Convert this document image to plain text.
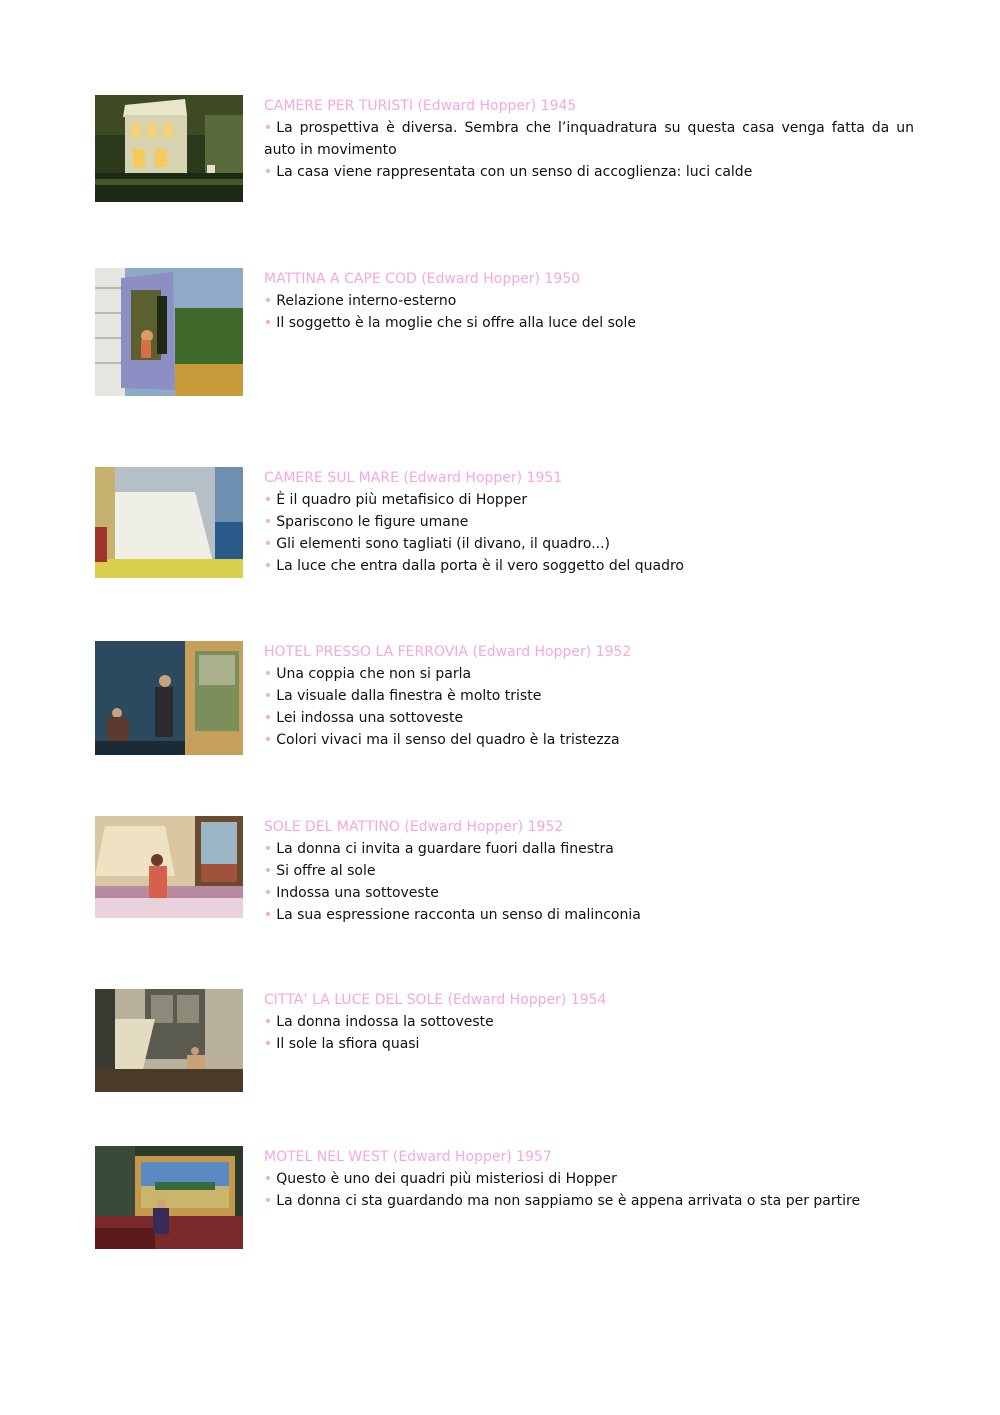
CAMERE PER TURISTI (Edward Hopper) 1945
• La prospettiva è diversa. Sembra che l’inquadratura su questa casa venga fatta da un auto in movimento
• La casa viene rappresentata con un senso di accoglienza: luci calde
MATTINA A CAPE COD (Edward Hopper) 1950
• Relazione interno-esterno
• Il soggetto è la moglie che si offre alla luce del sole
CAMERE SUL MARE (Edward Hopper) 1951
• È il quadro più metafisico di Hopper
• Spariscono le figure umane
• Gli elementi sono tagliati (il divano, il quadro...)
• La luce che entra dalla porta è il vero soggetto del quadro
HOTEL PRESSO LA FERROVIA (Edward Hopper) 1952
• Una coppia che non si parla
• La visuale dalla finestra è molto triste
• Lei indossa una sottoveste
• Colori vivaci ma il senso del quadro è la tristezza
SOLE DEL MATTINO (Edward Hopper) 1952
• La donna ci invita a guardare fuori dalla finestra
• Si offre al sole
• Indossa una sottoveste
• La sua espressione racconta un senso di malinconia
CITTA’ LA LUCE DEL SOLE (Edward Hopper) 1954
• La donna indossa la sottoveste
• Il sole la sfiora quasi
MOTEL NEL WEST (Edward Hopper) 1957
• Questo è uno dei quadri più misteriosi di Hopper
• La donna ci sta guardando ma non sappiamo se è appena arrivata o sta per partire
